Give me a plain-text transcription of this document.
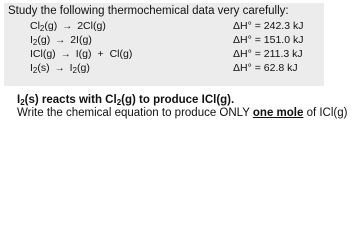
Study the following thermochemical data very carefully:
$Cl_2(g) \to 2Cl(g)$	ΔH° = 242.3 kJ
$I_2(g) \to 2I(g)$	ΔH° = 151.0 kJ
ICl(g) → I(g) + Cl(g)	ΔH° = 211.3 kJ
$I_2(s) \to I_2(g)$	ΔH° = 62.8 kJ
$I_2(s)$ reacts with $Cl_2(g)$ to produce ICl(g).
Write the chemical equation to produce ONLY one mole of ICl(g)
